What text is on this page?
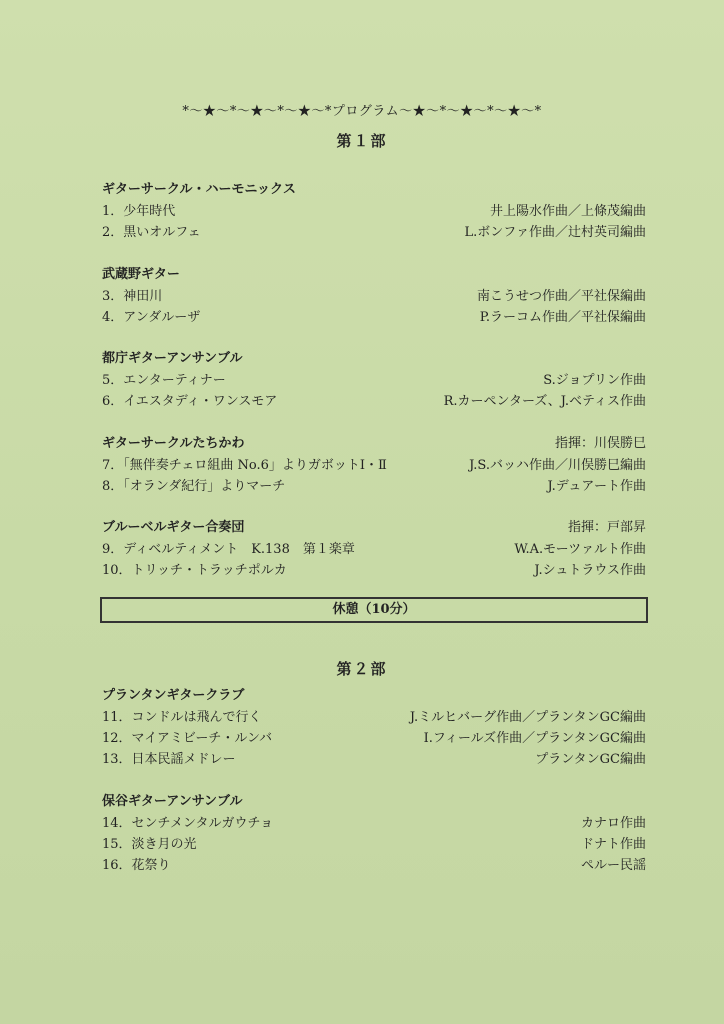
*〜★〜*〜★〜*〜★〜*プログラム〜★〜*〜★〜*〜★〜*
第１部
ギターサークル・ハーモニックス
1．少年時代	井上陽水作曲／上條茂編曲
2．黒いオルフェ	L.ボンファ作曲／辻村英司編曲
武蔵野ギター
3．神田川	南こうせつ作曲／平社保編曲
4．アンダルーザ	P.ラーコム作曲／平社保編曲
都庁ギターアンサンブル
5．エンターティナー	S.ジョプリン作曲
6．イエスタディ・ワンスモア	R.カーペンターズ、J.ベティス作曲
ギターサークルたちかわ	指揮：川俣勝巳
7．「無伴奏チェロ組曲 No.6」よりガボットⅠ・Ⅱ	J.S.バッハ作曲／川俣勝巳編曲
8．「オランダ紀行」よりマーチ	J.デュアート作曲
ブルーベルギター合奏団	指揮：戸部昇
9．ディベルティメント　K.138　第１楽章	W.A.モーツァルト作曲
10．トリッチ・トラッチポルカ	J.シュトラウス作曲
休憩（10分）
第２部
プランタンギタークラブ
11．コンドルは飛んで行く	J.ミルヒバーグ作曲／プランタンGC編曲
12．マイアミビーチ・ルンバ	I.フィールズ作曲／プランタンGC編曲
13．日本民謡メドレー	プランタンGC編曲
保谷ギターアンサンブル
14．センチメンタルガウチョ	カナロ作曲
15．淡き月の光	ドナト作曲
16．花祭り	ペルー民謡
